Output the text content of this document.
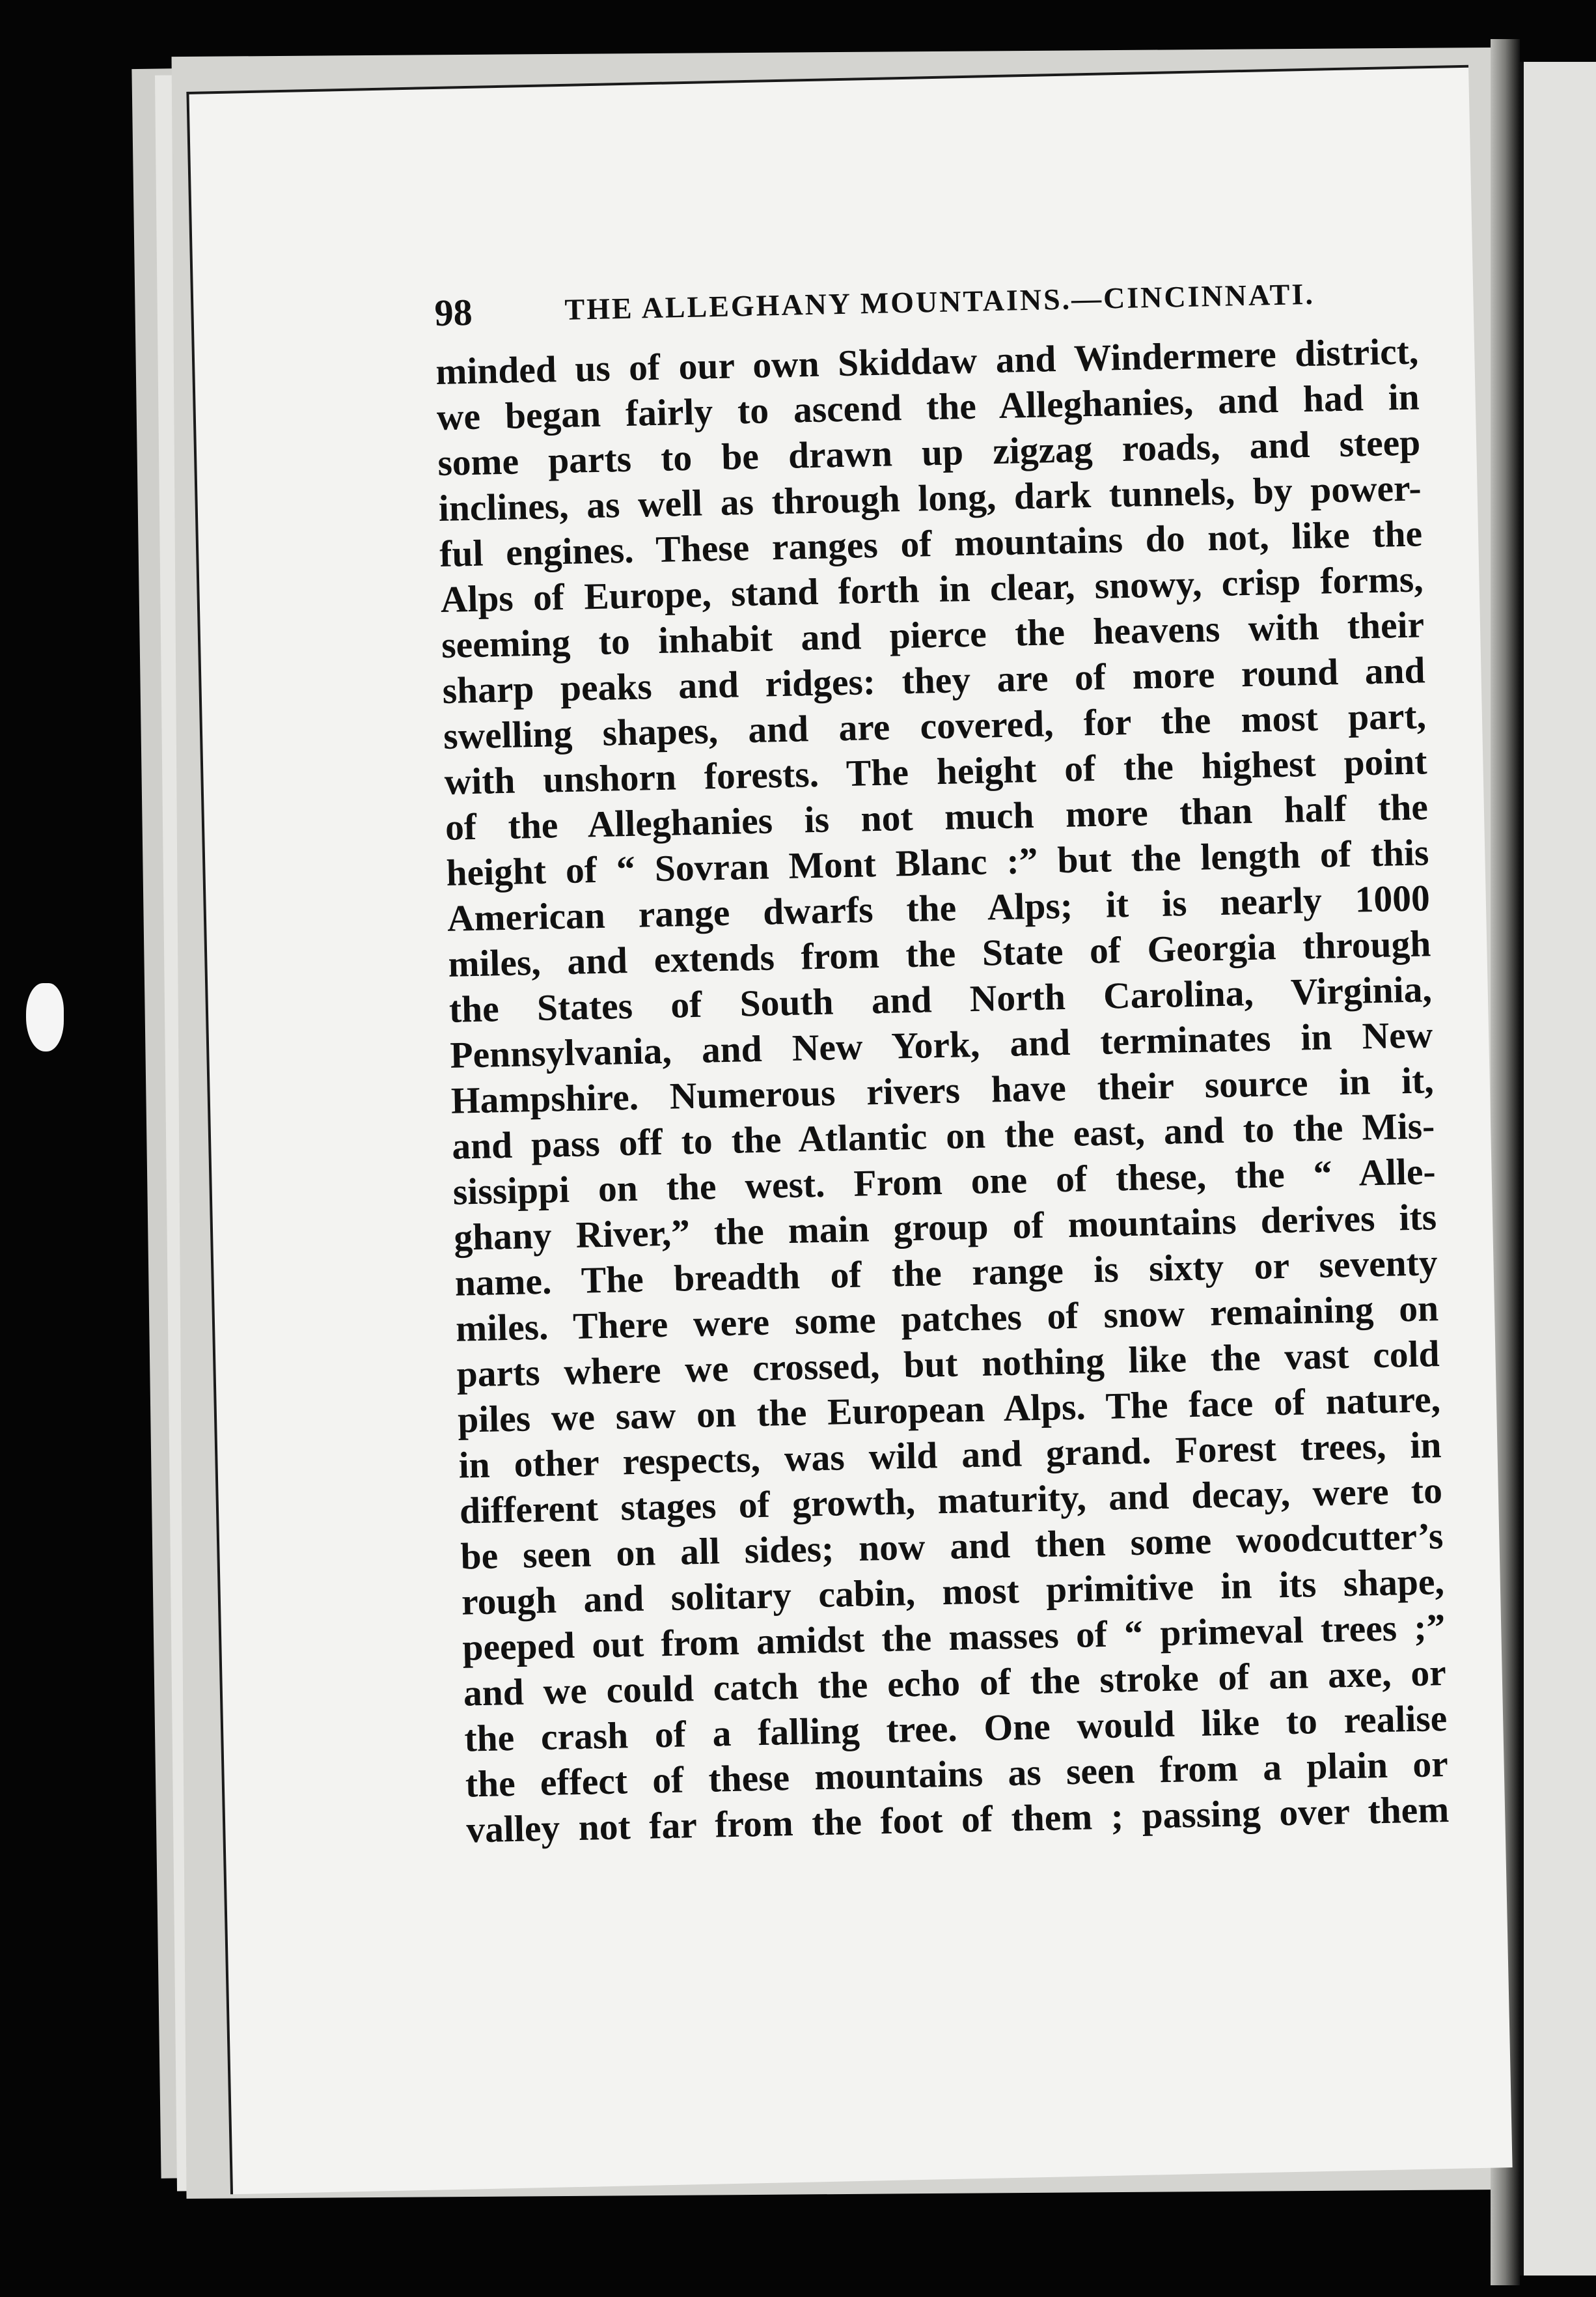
98	THE ALLEGHANY MOUNTAINS.—CINCINNATI.
minded us of our own Skiddaw and Windermere district,
we began fairly to ascend the Alleghanies, and had in
some parts to be drawn up zigzag roads, and steep
inclines, as well as through long, dark tunnels, by power-
ful engines. These ranges of mountains do not, like the
Alps of Europe, stand forth in clear, snowy, crisp forms,
seeming to inhabit and pierce the heavens with their
sharp peaks and ridges: they are of more round and
swelling shapes, and are covered, for the most part,
with unshorn forests. The height of the highest point
of the Alleghanies is not much more than half the
height of “ Sovran Mont Blanc :” but the length of this
American range dwarfs the Alps; it is nearly 1000
miles, and extends from the State of Georgia through
the States of South and North Carolina, Virginia,
Pennsylvania, and New York, and terminates in New
Hampshire. Numerous rivers have their source in it,
and pass off to the Atlantic on the east, and to the Mis-
sissippi on the west. From one of these, the “ Alle-
ghany River,” the main group of mountains derives its
name. The breadth of the range is sixty or seventy
miles. There were some patches of snow remaining on
parts where we crossed, but nothing like the vast cold
piles we saw on the European Alps. The face of nature,
in other respects, was wild and grand. Forest trees, in
different stages of growth, maturity, and decay, were to
be seen on all sides; now and then some woodcutter’s
rough and solitary cabin, most primitive in its shape,
peeped out from amidst the masses of “ primeval trees ;”
and we could catch the echo of the stroke of an axe, or
the crash of a falling tree. One would like to realise
the effect of these mountains as seen from a plain or
valley not far from the foot of them ; passing over them
